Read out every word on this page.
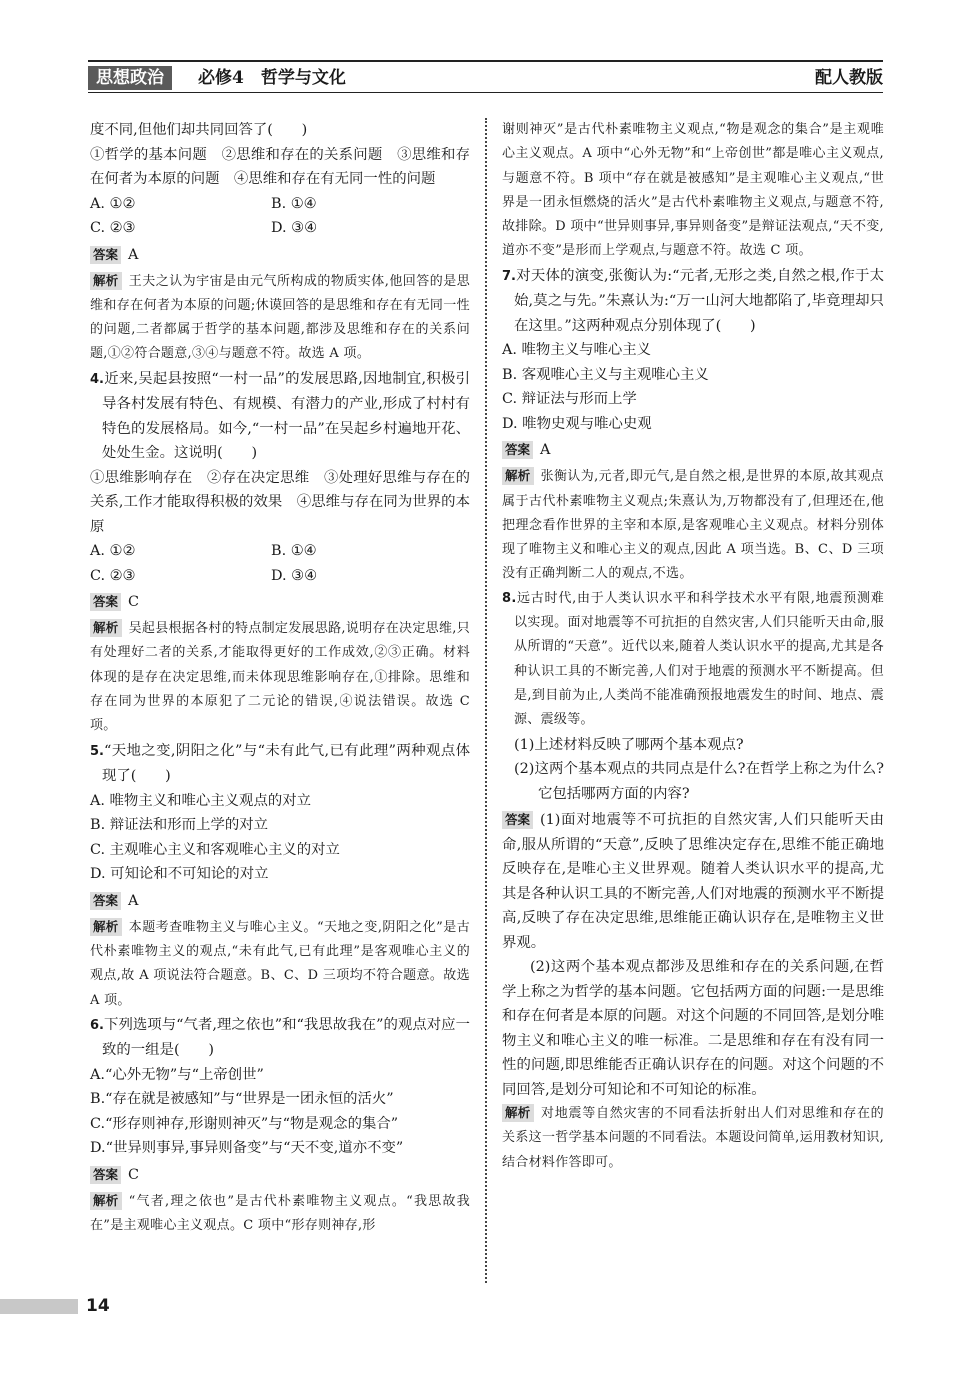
思想政治	必修4　哲学与文化	配人教版

度不同,但他们却共同回答了(　　)

①哲学的基本问题　②思维和存在的关系问题　③思维和存在何者为本原的问题　④思维和存在有无同一性的问题

A. ①②	B. ①④
C. ②③	D. ③④

答案 A

解析 王夫之认为宇宙是由元气所构成的物质实体,他回答的是思维和存在何者为本原的问题;休谟回答的是思维和存在有无同一性的问题,二者都属于哲学的基本问题,都涉及思维和存在的关系问题,①②符合题意,③④与题意不符。故选 A 项。

4.近来,吴起县按照“一村一品”的发展思路,因地制宜,积极引导各村发展有特色、有规模、有潜力的产业,形成了村村有特色的发展格局。如今,“一村一品”在吴起乡村遍地开花、处处生金。这说明(　　)

①思维影响存在　②存在决定思维　③处理好思维与存在的关系,工作才能取得积极的效果　④思维与存在同为世界的本原

A. ①②	B. ①④
C. ②③	D. ③④

答案 C

解析 吴起县根据各村的特点制定发展思路,说明存在决定思维,只有处理好二者的关系,才能取得更好的工作成效,②③正确。材料体现的是存在决定思维,而未体现思维影响存在,①排除。思维和存在同为世界的本原犯了二元论的错误,④说法错误。故选 C 项。

5.“天地之变,阴阳之化”与“未有此气,已有此理”两种观点体现了(　　)

A. 唯物主义和唯心主义观点的对立

B. 辩证法和形而上学的对立

C. 主观唯心主义和客观唯心主义的对立

D. 可知论和不可知论的对立

答案 A

解析 本题考查唯物主义与唯心主义。“天地之变,阴阳之化”是古代朴素唯物主义的观点,“未有此气,已有此理”是客观唯心主义的观点,故 A 项说法符合题意。B、C、D 三项均不符合题意。故选 A 项。

6.下列选项与“气者,理之依也”和“我思故我在”的观点对应一致的一组是(　　)

A.“心外无物”与“上帝创世”

B.“存在就是被感知”与“世界是一团永恒的活火”

C.“形存则神存,形谢则神灭”与“物是观念的集合”

D.“世异则事异,事异则备变”与“天不变,道亦不变”

答案 C

解析 “气者,理之依也”是古代朴素唯物主义观点。“我思故我在”是主观唯心主义观点。C 项中“形存则神存,形

谢则神灭”是古代朴素唯物主义观点,“物是观念的集合”是主观唯心主义观点。A 项中“心外无物”和“上帝创世”都是唯心主义观点,与题意不符。B 项中“存在就是被感知”是主观唯心主义观点,“世界是一团永恒燃烧的活火”是古代朴素唯物主义观点,与题意不符,故排除。D 项中“世异则事异,事异则备变”是辩证法观点,“天不变,道亦不变”是形而上学观点,与题意不符。故选 C 项。

7.对天体的演变,张衡认为:“元者,无形之类,自然之根,作于太始,莫之与先。”朱熹认为:“万一山河大地都陷了,毕竟理却只在这里。”这两种观点分别体现了(　　)

A. 唯物主义与唯心主义

B. 客观唯心主义与主观唯心主义

C. 辩证法与形而上学

D. 唯物史观与唯心史观

答案 A

解析 张衡认为,元者,即元气,是自然之根,是世界的本原,故其观点属于古代朴素唯物主义观点;朱熹认为,万物都没有了,但理还在,他把理念看作世界的主宰和本原,是客观唯心主义观点。材料分别体现了唯物主义和唯心主义的观点,因此 A 项当选。B、C、D 三项没有正确判断二人的观点,不选。

8.远古时代,由于人类认识水平和科学技术水平有限,地震预测难以实现。面对地震等不可抗拒的自然灾害,人们只能听天由命,服从所谓的“天意”。近代以来,随着人类认识水平的提高,尤其是各种认识工具的不断完善,人们对于地震的预测水平不断提高。但是,到目前为止,人类尚不能准确预报地震发生的时间、地点、震源、震级等。

(1)上述材料反映了哪两个基本观点?

(2)这两个基本观点的共同点是什么?在哲学上称之为什么?它包括哪两方面的内容?

答案 (1)面对地震等不可抗拒的自然灾害,人们只能听天由命,服从所谓的“天意”,反映了思维决定存在,思维不能正确地反映存在,是唯心主义世界观。随着人类认识水平的提高,尤其是各种认识工具的不断完善,人们对地震的预测水平不断提高,反映了存在决定思维,思维能正确认识存在,是唯物主义世界观。

(2)这两个基本观点都涉及思维和存在的关系问题,在哲学上称之为哲学的基本问题。它包括两方面的问题:一是思维和存在何者是本原的问题。对这个问题的不同回答,是划分唯物主义和唯心主义的唯一标准。二是思维和存在有没有同一性的问题,即思维能否正确认识存在的问题。对这个问题的不同回答,是划分可知论和不可知论的标准。

解析 对地震等自然灾害的不同看法折射出人们对思维和存在的关系这一哲学基本问题的不同看法。本题设问简单,运用教材知识,结合材料作答即可。

14
